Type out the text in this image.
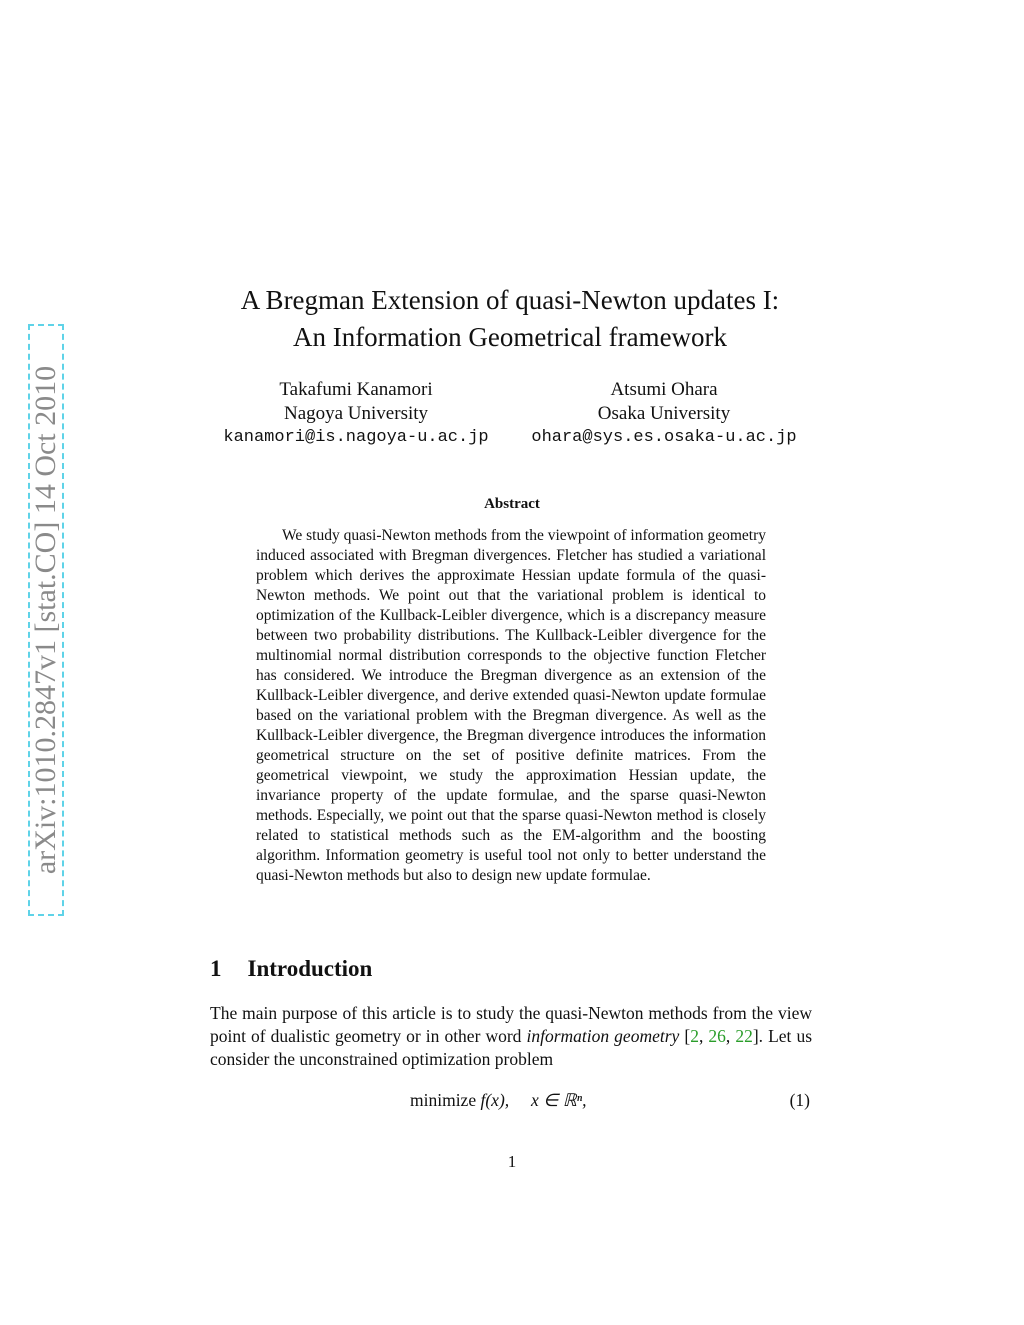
arXiv:1010.2847v1 [stat.CO] 14 Oct 2010
A Bregman Extension of quasi-Newton updates I:
An Information Geometrical framework
Takafumi Kanamori
Nagoya University
kanamori@is.nagoya-u.ac.jp
Atsumi Ohara
Osaka University
ohara@sys.es.osaka-u.ac.jp
Abstract
We study quasi-Newton methods from the viewpoint of information geometry induced associated with Bregman divergences. Fletcher has studied a variational problem which derives the approximate Hessian update formula of the quasi-Newton methods. We point out that the variational problem is identical to optimization of the Kullback-Leibler divergence, which is a discrepancy measure between two probability distributions. The Kullback-Leibler divergence for the multinomial normal distribution corresponds to the objective function Fletcher has considered. We introduce the Bregman divergence as an extension of the Kullback-Leibler divergence, and derive extended quasi-Newton update formulae based on the variational problem with the Bregman divergence. As well as the Kullback-Leibler divergence, the Bregman divergence introduces the information geometrical structure on the set of positive definite matrices. From the geometrical viewpoint, we study the approximation Hessian update, the invariance property of the update formulae, and the sparse quasi-Newton methods. Especially, we point out that the sparse quasi-Newton method is closely related to statistical methods such as the EM-algorithm and the boosting algorithm. Information geometry is useful tool not only to better understand the quasi-Newton methods but also to design new update formulae.
1 Introduction
The main purpose of this article is to study the quasi-Newton methods from the view point of dualistic geometry or in other word information geometry [2, 26, 22]. Let us consider the unconstrained optimization problem
minimize f(x), x ∈ ℝⁿ,	(1)
1
